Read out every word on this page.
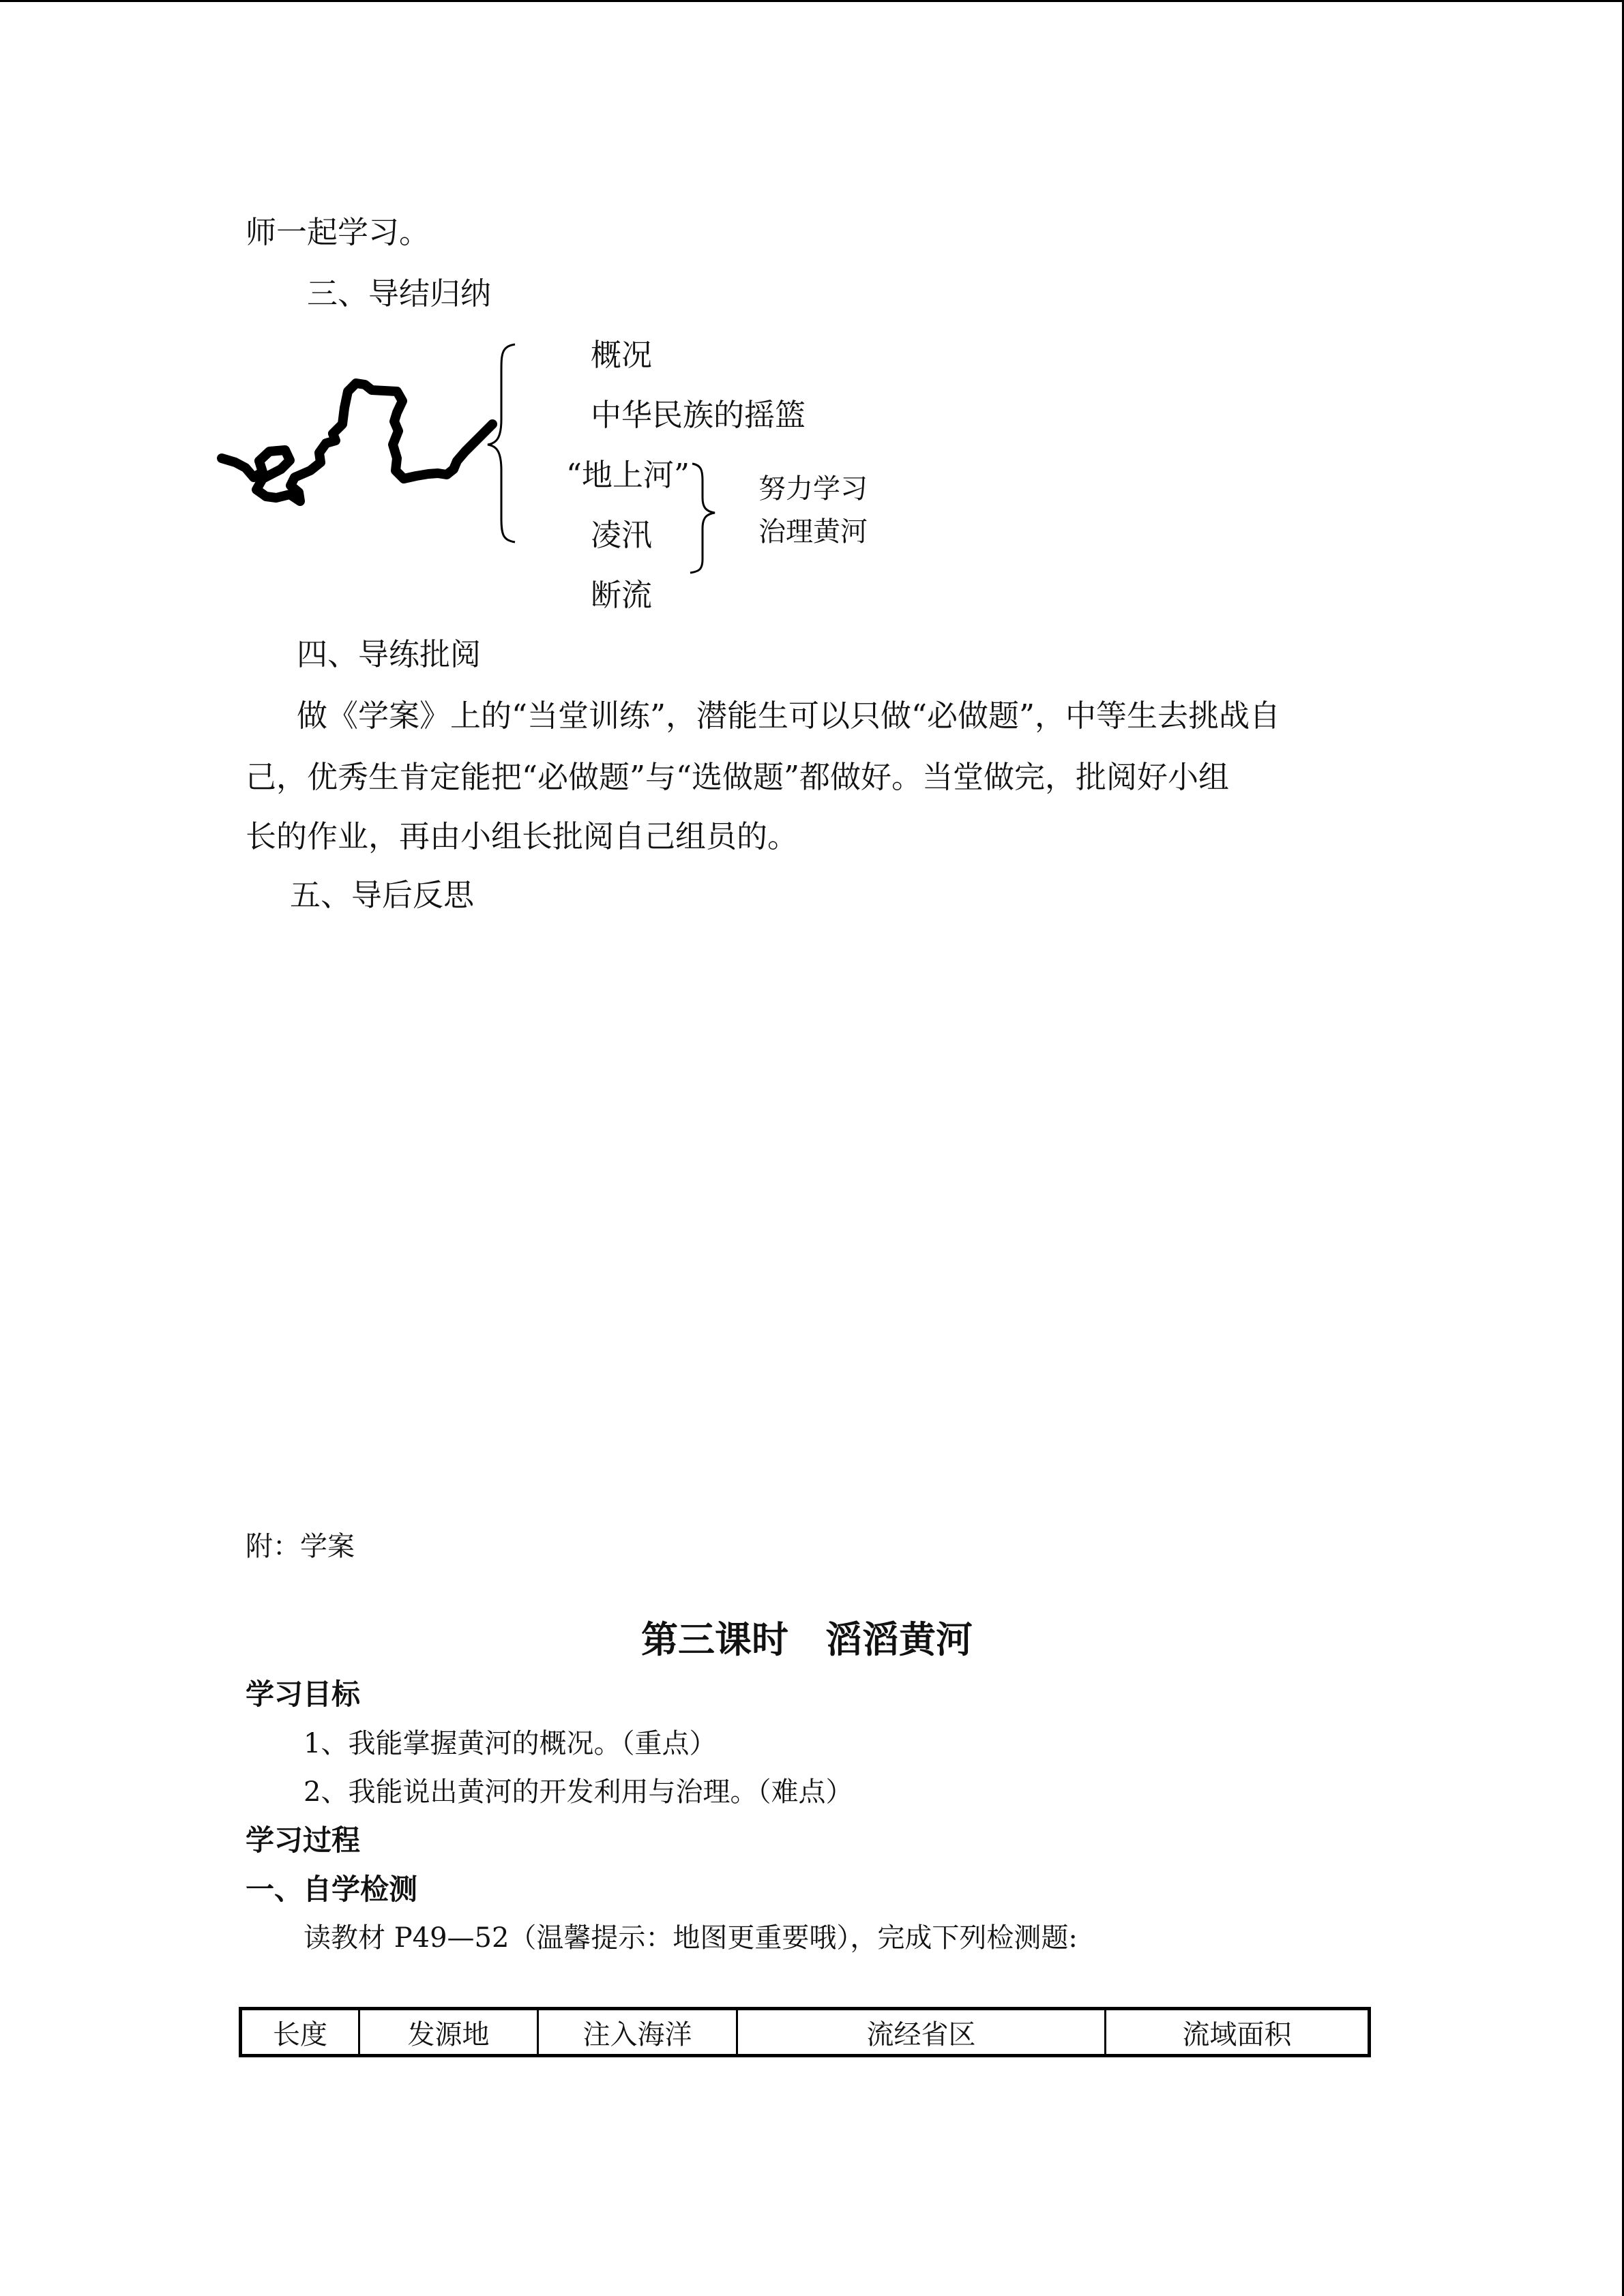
师一起学习。
三、导结归纳
概况
中华民族的摇篮
“地上河”
凌汛
断流
努力学习
治理黄河
四、导练批阅
做《学案》上的“当堂训练”，潜能生可以只做“必做题”，中等生去挑战自
己，优秀生肯定能把“必做题”与“选做题”都做好。当堂做完，批阅好小组
长的作业，再由小组长批阅自己组员的。
五、导后反思
附：学案
第三课时　滔滔黄河
学习目标
1、我能掌握黄河的概况。（重点）
2、我能说出黄河的开发利用与治理。（难点）
学习过程
一、自学检测
读教材 P49—52（温馨提示：地图更重要哦），完成下列检测题:
长度	发源地	注入海洋	流经省区	流域面积
